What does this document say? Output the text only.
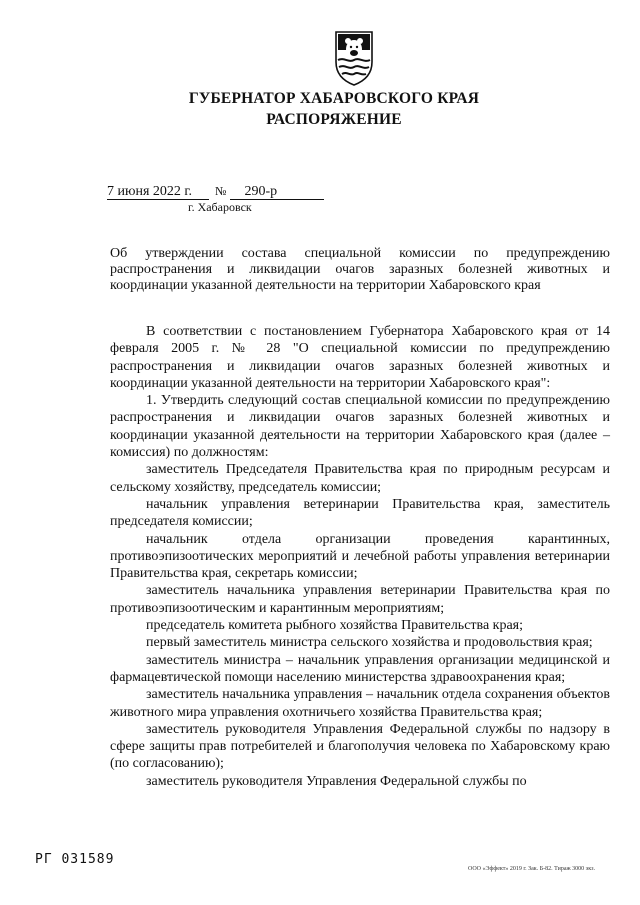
ГУБЕРНАТОР ХАБАРОВСКОГО КРАЯ
РАСПОРЯЖЕНИЕ
7 июня 2022 г. № 290-р
г. Хабаровск
Об утверждении состава специальной комиссии по предупреждению распространения и ликвидации очагов заразных болезней животных и координации указанной деятельности на территории Хабаровского края

В соответствии с постановлением Губернатора Хабаровского края от 14 февраля 2005 г. № 28 "О специальной комиссии по предупреждению распространения и ликвидации очагов заразных болезней животных и координации указанной деятельности на территории Хабаровского края":

1. Утвердить следующий состав специальной комиссии по предупреждению распространения и ликвидации очагов заразных болезней животных и координации указанной деятельности на территории Хабаровского края (далее – комиссия) по должностям:

заместитель Председателя Правительства края по природным ресурсам и сельскому хозяйству, председатель комиссии;

начальник управления ветеринарии Правительства края, заместитель председателя комиссии;

начальник отдела организации проведения карантинных, противоэпизоотических мероприятий и лечебной работы управления ветеринарии Правительства края, секретарь комиссии;

заместитель начальника управления ветеринарии Правительства края по противоэпизоотическим и карантинным мероприятиям;

председатель комитета рыбного хозяйства Правительства края;

первый заместитель министра сельского хозяйства и продовольствия края;

заместитель министра – начальник управления организации медицинской и фармацевтической помощи населению министерства здравоохранения края;

заместитель начальника управления – начальник отдела сохранения объектов животного мира управления охотничьего хозяйства Правительства края;

заместитель руководителя Управления Федеральной службы по надзору в сфере защиты прав потребителей и благополучия человека по Хабаровскому краю (по согласованию);

заместитель руководителя Управления Федеральной службы по

РГ 031589
ООО «Эффект» 2019 г. Зак. Б-82. Тираж 3000 экз.
